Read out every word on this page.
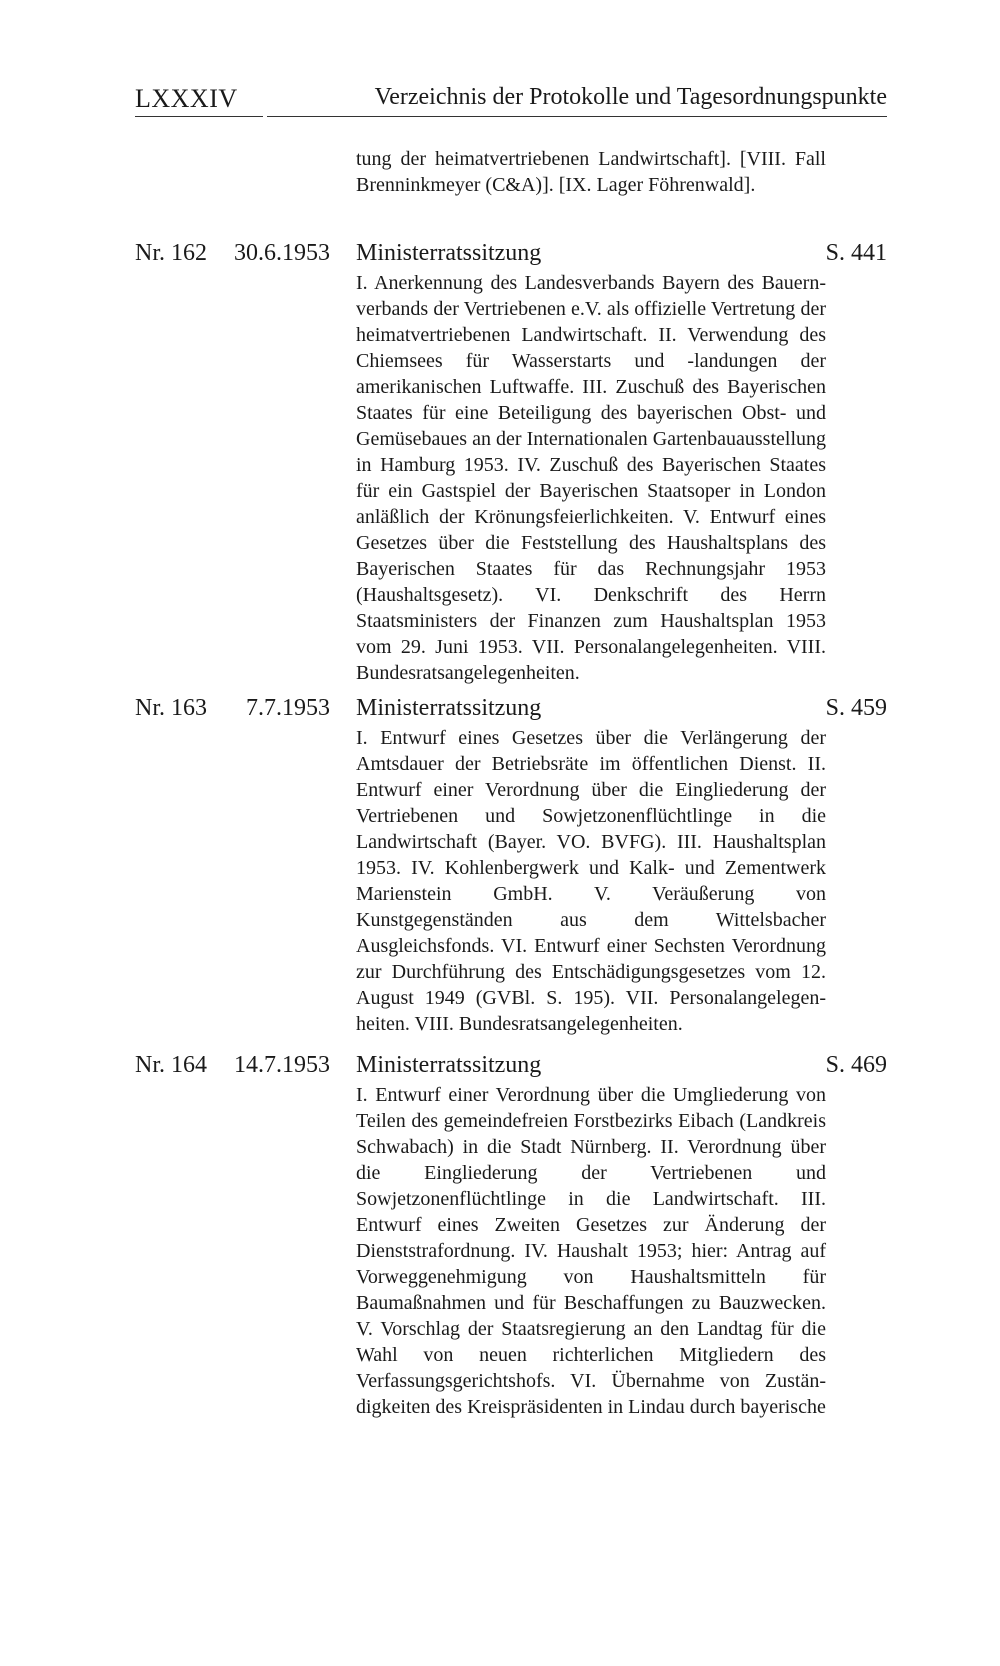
LXXXIV	Verzeichnis der Protokolle und Tagesordnungspunkte
tung der heimatvertriebenen Landwirtschaft]. [VIII. Fall Brenninkmeyer (C&A)]. [IX. Lager Föhrenwald].
Nr. 162	30.6.1953 Ministerratssitzung	S. 441
I. Anerkennung des Landesverbands Bayern des Bauernverbands der Vertriebenen e.V. als offizielle Vertretung der heimatvertriebenen Landwirtschaft. II. Verwendung des Chiemsees für Wasserstarts und -landungen der amerikanischen Luftwaffe. III. Zuschuß des Bayerischen Staates für eine Beteiligung des bayerischen Obst- und Gemüsebaues an der Internationalen Gartenbauausstellung in Hamburg 1953. IV. Zuschuß des Bayerischen Staates für ein Gastspiel der Bayerischen Staatsoper in London anläßlich der Krönungsfeierlichkeiten. V. Entwurf eines Gesetzes über die Feststellung des Haushaltsplans des Bayerischen Staates für das Rechnungsjahr 1953 (Haushaltsgesetz). VI. Denkschrift des Herrn Staatsministers der Finanzen zum Haushaltsplan 1953 vom 29. Juni 1953. VII. Personalangelegenheiten. VIII. Bundesratsangelegenheiten.
Nr. 163	7.7.1953 Ministerratssitzung	S. 459
I. Entwurf eines Gesetzes über die Verlängerung der Amtsdauer der Betriebsräte im öffentlichen Dienst. II. Entwurf einer Verordnung über die Eingliederung der Vertriebenen und Sowjetzonenflüchtlinge in die Landwirtschaft (Bayer. VO. BVFG). III. Haushaltsplan 1953. IV. Kohlenbergwerk und Kalk- und Zementwerk Marienstein GmbH. V. Veräußerung von Kunstgegenständen aus dem Wittelsbacher Ausgleichsfonds. VI. Entwurf einer Sechsten Verordnung zur Durchführung des Entschädigungsgesetzes vom 12. August 1949 (GVBl. S. 195). VII. Personalangelegenheiten. VIII. Bundesratsangelegenheiten.
Nr. 164	14.7.1953 Ministerratssitzung	S. 469
I. Entwurf einer Verordnung über die Umgliederung von Teilen des gemeindefreien Forstbezirks Eibach (Landkreis Schwabach) in die Stadt Nürnberg. II. Verordnung über die Eingliederung der Vertriebenen und Sowjetzonenflüchtlinge in die Landwirtschaft. III. Entwurf eines Zweiten Gesetzes zur Änderung der Dienststrafordnung. IV. Haushalt 1953; hier: Antrag auf Vorweggenehmigung von Haushaltsmitteln für Baumaßnahmen und für Beschaffungen zu Bauzwecken. V. Vorschlag der Staatsregierung an den Landtag für die Wahl von neuen richterlichen Mitgliedern des Verfassungsgerichtshofs. VI. Übernahme von Zuständigkeiten des Kreispräsidenten in Lindau durch bayerische
